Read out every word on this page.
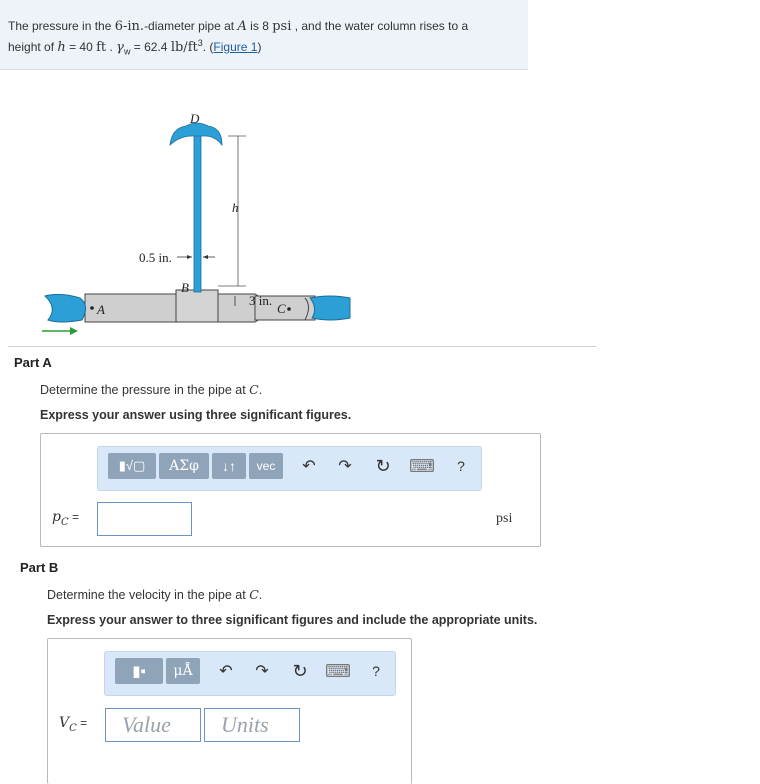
The pressure in the 6-in.-diameter pipe at A is 8 psi , and the water column rises to a
height of h = 40 ft . $\gamma_w = 62.4$ $lb/ft^3$. (Figure 1)
D
h
0.5 in.
B
3 in.
C
A
Part A
Determine the pressure in the pipe at C.
Express your answer using three significant figures.
▮√▢ ΑΣφ ↓↑ vec ↶ ↷ ↻ ⌨	?
$p_C$ =	psi
Part B
Determine the velocity in the pipe at C.
Express your answer to three significant figures and include the appropriate units.
▮▪ μÅ ↶ ↷ ↻ ⌨	?
$V_C$ =	Value	Units
